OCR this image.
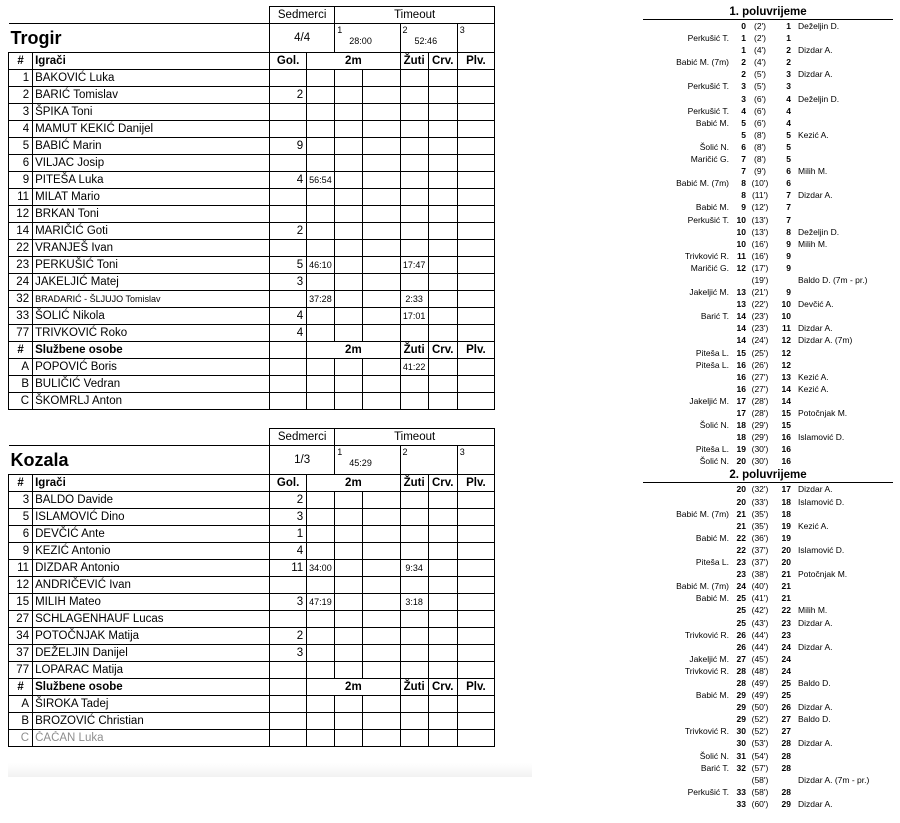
		Sedmerci		Timeout				
Trogir		4/4		1
28:00		2
52:46		3

#	Igrači	Gol.	2m			Žuti	Crv.	Plv.
1	BAKOVIĆ Luka							
2	BARIĆ Tomislav	2						
3	ŠPIKA Toni							
4	MAMUT KEKIĆ Danijel							
5	BABIĆ Marin	9						
6	VILJAC Josip							
9	PITEŠA Luka	4	56:54					
11	MILAT Mario							
12	BRKAN Toni							
14	MARIČIĆ Goti	2						
22	VRANJEŠ Ivan							
23	PERKUŠIĆ Toni	5	46:10			17:47		
24	JAKELJIĆ Matej	3						
32	BRADARIĆ - ŠLJUJO Tomislav		37:28			2:33		
33	ŠOLIĆ Nikola	4				17:01		
77	TRIVKOVIĆ Roko	4						
#	Službene osobe		2m			Žuti	Crv.	Plv.
A	POPOVIĆ Boris					41:22		
B	BULIČIĆ Vedran							
C	ŠKOMRLJ Anton							
		Sedmerci		Timeout				
Kozala		1/3		1
45:29		2		3

#	Igrači	Gol.	2m			Žuti	Crv.	Plv.
3	BALDO Davide	2						
5	ISLAMOVIĆ Dino	3						
6	DEVČIĆ Ante	1						
9	KEZIĆ Antonio	4						
11	DIZDAR Antonio	11	34:00			9:34		
12	ANDRIČEVIĆ Ivan							
15	MILIH Mateo	3	47:19			3:18		
27	SCHLAGENHAUF Lucas							
34	POTOČNJAK Matija	2						
37	DEŽELJIN Danijel	3						
77	LOPARAC Matija							
#	Službene osobe		2m			Žuti	Crv.	Plv.
A	ŠIROKA Tadej							
B	BROZOVIĆ Christian							
C	ČAČAN Luka							
1. poluvrijeme
0 (2')	1 Deželjin D.
Perkušić T. 1 (2')	1
1 (4')	2 Dizdar A.
Babić M. (7m) 2 (4')	2
2 (5')	3 Dizdar A.
Perkušić T. 3 (5')	3
3 (6')	4 Deželjin D.
Perkušić T. 4 (6')	4
Babić M. 5 (6')	4
5 (8')	5 Kezić A.
Šolić N. 6 (8')	5
Maričić G. 7 (8')	5
7 (9')	6 Milih M.
Babić M. (7m) 8 (10')	6
8 (11')	7 Dizdar A.
Babić M. 9 (12')	7
Perkušić T. 10 (13')	7
10 (13')	8 Deželjin D.
10 (16')	9 Milih M.
Trivković R. 11 (16')	9
Maričić G. 12 (17')	9
(19')	Baldo D. (7m - pr.)
Jakeljić M. 13 (21')	9
13 (22')	10 Devčić A.
Barić T. 14 (23')	10
14 (23')	11 Dizdar A.
14 (24')	12 Dizdar A. (7m)
Piteša L. 15 (25')	12
Piteša L. 16 (26')	12
16 (27')	13 Kezić A.
16 (27')	14 Kezić A.
Jakeljić M. 17 (28')	14
17 (28')	15 Potočnjak M.
Šolić N. 18 (29')	15
18 (29')	16 Islamović D.
Piteša L. 19 (30')	16
Šolić N. 20 (30')	16
2. poluvrijeme
20 (32')	17 Dizdar A.
20 (33')	18 Islamović D.
Babić M. (7m) 21 (35')	18
21 (35')	19 Kezić A.
Babić M. 22 (36')	19
22 (37')	20 Islamović D.
Piteša L. 23 (37')	20
23 (38')	21 Potočnjak M.
Babić M. (7m) 24 (40')	21
Babić M. 25 (41')	21
25 (42')	22 Milih M.
25 (43')	23 Dizdar A.
Trivković R. 26 (44')	23
26 (44')	24 Dizdar A.
Jakeljić M. 27 (45')	24
Trivković R. 28 (48')	24
28 (49')	25 Baldo D.
Babić M. 29 (49')	25
29 (50')	26 Dizdar A.
29 (52')	27 Baldo D.
Trivković R. 30 (52')	27
30 (53')	28 Dizdar A.
Šolić N. 31 (54')	28
Barić T. 32 (57')	28
(58')	Dizdar A. (7m - pr.)
Perkušić T. 33 (58')	28
33 (60')	29 Dizdar A.
